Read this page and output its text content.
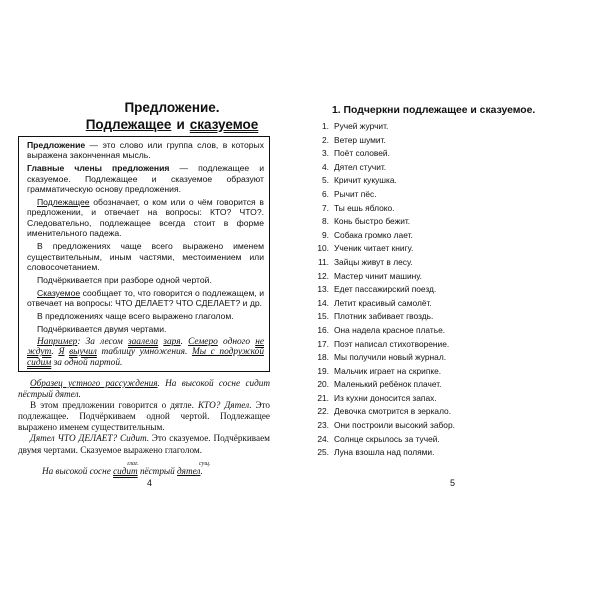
Предложение.
Подлежащее и сказуемое

Предложение — это слово или группа слов, в которых выражена законченная мысль.

Главные члены предложения — подлежащее и сказуемое. Подлежащее и сказуемое образуют грамматическую основу предложения.

Подлежащее обозначает, о ком или о чём говорится в предложении, и отвечает на вопросы: КТО? ЧТО?. Следовательно, подлежащее всегда стоит в форме именительного падежа.

В предложениях чаще всего выражено именем существительным, иным частями, местоимением или словосочетанием.

Подчёркивается при разборе одной чертой.

Сказуемое сообщает то, что говорится о подлежащем, и отвечает на вопросы: ЧТО ДЕЛАЕТ? ЧТО СДЕЛАЕТ? и др.

В предложениях чаще всего выражено глаголом.

Подчёркивается двумя чертами.

Например: За лесом заалела заря. Семеро одного не ждут. Я выучил таблицу умножения. Мы с подружкой сидим за одной партой.

Образец устного рассуждения. На высокой сосне сидит пёстрый дятел.

В этом предложении говорится о дятле. КТО? Дятел. Это подлежащее. Подчёркиваем одной чертой. Подлежащее выражено именем существительным.

Дятел ЧТО ДЕЛАЕТ? Сидит. Это сказуемое. Подчёркиваем двумя чертами. Сказуемое выражено глаголом.

На высокой сосне сидит
глаг.
пёстрый дятел
сущ.
.

4
1. Подчеркни подлежащее и сказуемое.
1. Ручей журчит.
2. Ветер шумит.
3. Поёт соловей.
4. Дятел стучит.
5. Кричит кукушка.
6. Рычит пёс.
7. Ты ешь яблоко.
8. Конь быстро бежит.
9. Собака громко лает.
10. Ученик читает книгу.
11. Зайцы живут в лесу.
12. Мастер чинит машину.
13. Едет пассажирский поезд.
14. Летит красивый самолёт.
15. Плотник забивает гвоздь.
16. Она надела красное платье.
17. Поэт написал стихотворение.
18. Мы получили новый журнал.
19. Мальчик играет на скрипке.
20. Маленький ребёнок плачет.
21. Из кухни доносится запах.
22. Девочка смотрится в зеркало.
23. Они построили высокий забор.
24. Солнце скрылось за тучей.
25. Луна взошла над полями.
5
